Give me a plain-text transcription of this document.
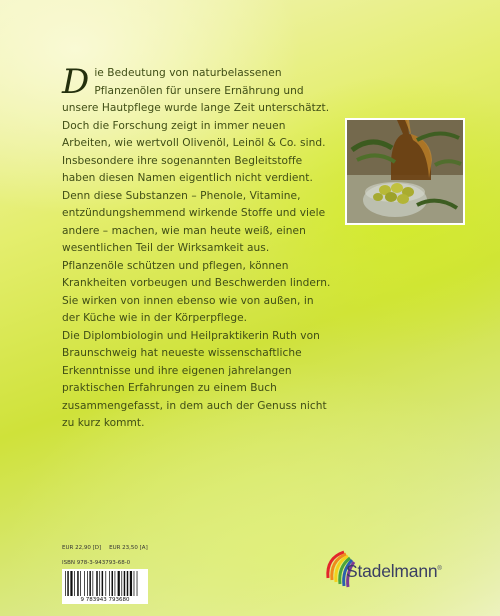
Die Bedeutung von naturbelassenen Pflanzenölen für unsere Ernährung und unsere Hautpflege wurde lange Zeit unterschätzt. Doch die Forschung zeigt in immer neuen Arbeiten, wie wertvoll Olivenöl, Leinöl & Co. sind. Insbesondere ihre sogenannten Begleitstoffe haben diesen Namen eigentlich nicht verdient. Denn diese Substanzen – Phenole, Vitamine, entzündungshemmend wirkende Stoffe und viele andere – machen, wie man heute weiß, einen wesentlichen Teil der Wirksamkeit aus. Pflanzenöle schützen und pflegen, können Krankheiten vorbeugen und Beschwerden lindern. Sie wirken von innen ebenso wie von außen, in der Küche wie in der Körperpflege.

Die Diplombiologin und Heilpraktikerin Ruth von Braunschweig hat neueste wissenschaftliche Erkenntnisse und ihre eigenen jahrelangen praktischen Erfahrungen zu einem Buch zusammengefasst, in dem auch der Genuss nicht zu kurz kommt.

EUR 22,90 [D] EUR 23,50 [A]
ISBN 978-3-943793-68-0
9 783943 793680
Stadelmann®
